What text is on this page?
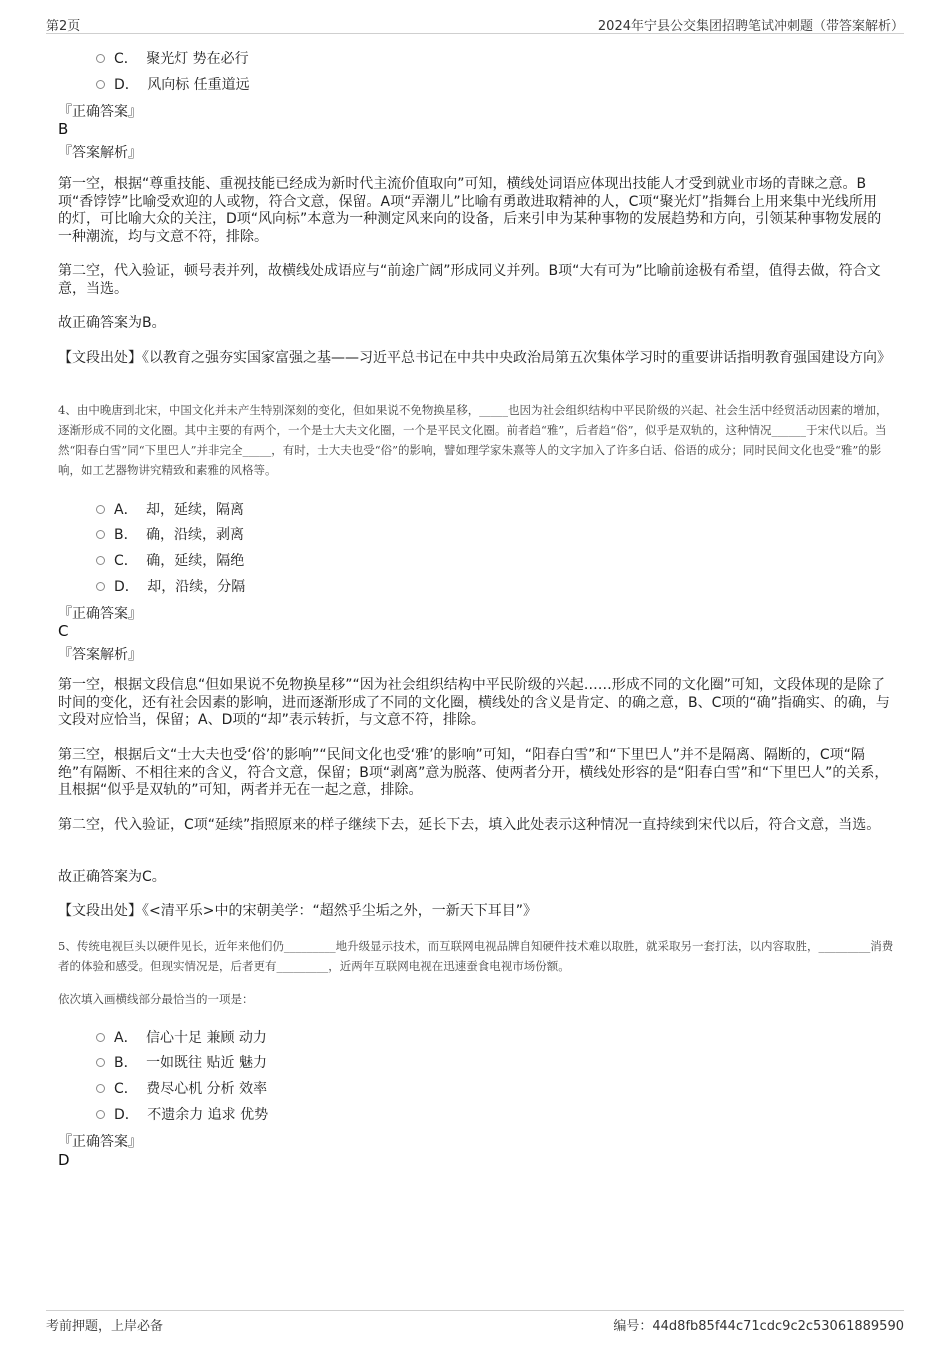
第2页	2024年宁县公交集团招聘笔试冲刺题（带答案解析）
C． 聚光灯 势在必行
D． 风向标 任重道远
『正确答案』
B
『答案解析』
第一空，根据“尊重技能、重视技能已经成为新时代主流价值取向”可知，横线处词语应体现出技能人才受到就业市场的青睐之意。B项“香饽饽”比喻受欢迎的人或物，符合文意，保留。A项“弄潮儿”比喻有勇敢进取精神的人，C项“聚光灯”指舞台上用来集中光线所用的灯，可比喻大众的关注，D项“风向标”本意为一种测定风来向的设备，后来引申为某种事物的发展趋势和方向，引领某种事物发展的一种潮流，均与文意不符，排除。
第二空，代入验证，顿号表并列，故横线处成语应与“前途广阔”形成同义并列。B项“大有可为”比喻前途极有希望，值得去做，符合文意，当选。
故正确答案为B。
【文段出处】《以教育之强夯实国家富强之基——习近平总书记在中共中央政治局第五次集体学习时的重要讲话指明教育强国建设方向》
4、由中晚唐到北宋，中国文化并未产生特别深刻的变化，但如果说不免物换星移，_____也因为社会组织结构中平民阶级的兴起、社会生活中经贸活动因素的增加，逐渐形成不同的文化圈。其中主要的有两个，一个是士大夫文化圈，一个是平民文化圈。前者趋“雅”，后者趋“俗”，似乎是双轨的，这种情况______于宋代以后。当然“阳春白雪”同“下里巴人”并非完全_____，有时，士大夫也受“俗”的影响，譬如理学家朱熹等人的文字加入了许多白话、俗语的成分；同时民间文化也受“雅”的影响，如工艺器物讲究精致和素雅的风格等。
A． 却，延续，隔离
B． 确，沿续，剥离
C． 确，延续，隔绝
D． 却，沿续，分隔
『正确答案』
C
『答案解析』
第一空，根据文段信息“但如果说不免物换星移”“因为社会组织结构中平民阶级的兴起……形成不同的文化圈”可知，文段体现的是除了时间的变化，还有社会因素的影响，进而逐渐形成了不同的文化圈，横线处的含义是肯定、的确之意，B、C项的“确”指确实、的确，与文段对应恰当，保留；A、D项的“却”表示转折，与文意不符，排除。
第三空，根据后文“士大夫也受‘俗’的影响”“民间文化也受‘雅’的影响”可知，“阳春白雪”和“下里巴人”并不是隔离、隔断的，C项“隔绝”有隔断、不相往来的含义，符合文意，保留；B项“剥离”意为脱落、使两者分开，横线处形容的是“阳春白雪”和“下里巴人”的关系，且根据“似乎是双轨的”可知，两者并无在一起之意，排除。
第二空，代入验证，C项“延续”指照原来的样子继续下去，延长下去，填入此处表示这种情况一直持续到宋代以后，符合文意，当选。
故正确答案为C。
【文段出处】《<清平乐>中的宋朝美学：“超然乎尘垢之外，一新天下耳目”》
5、传统电视巨头以硬件见长，近年来他们仍_________地升级显示技术，而互联网电视品牌自知硬件技术难以取胜，就采取另一套打法，以内容取胜，_________消费者的体验和感受。但现实情况是，后者更有_________，近两年互联网电视在迅速蚕食电视市场份额。
依次填入画横线部分最恰当的一项是：
A． 信心十足 兼顾 动力
B． 一如既往 贴近 魅力
C． 费尽心机 分析 效率
D． 不遗余力 追求 优势
『正确答案』
D
考前押题，上岸必备	编号：44d8fb85f44c71cdc9c2c53061889590
